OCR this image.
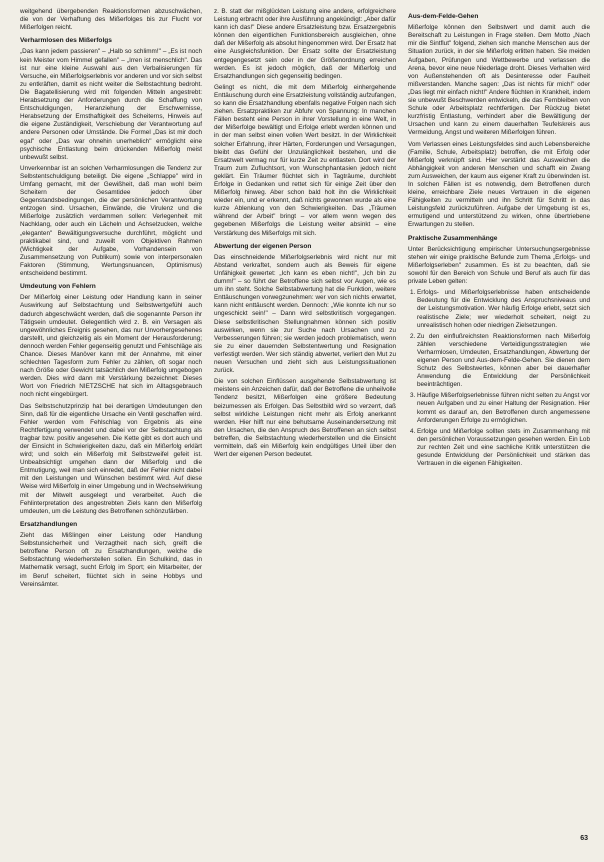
weitgehend übergebenden Reaktionsformen abzuschwächen, die von der Verhaftung des Mißerfolges bis zur Flucht vor Mißerfolgen reicht.

Verharmlosen des Mißerfolgs

„Das kann jedem passieren" – „Halb so schlimm!" – „Es ist noch kein Meister vom Himmel gefallen" – „Irren ist menschlich". Das ist nur eine kleine Auswahl aus den Verbalisierungen für Versuche, ein Mißerfolgserlebnis vor anderen und vor sich selbst zu entkräften, damit es nicht weiter die Selbstachtung bedroht. Die Bagatellisierung wird mit folgenden Mitteln angestrebt: Herabsetzung der Anforderungen durch die Schaffung von Entschuldigungen, Heranziehung der Erschwernisse, Herabsetzung der Ernsthaftigkeit des Scheiterns, Hinweis auf die eigene Zuständigkeit, Verschiebung der Verantwortung auf andere Personen oder Umstände. Die Formel „Das ist mir doch egal" oder „Das war ohnehin unerheblich" ermöglicht eine psychische Entlastung beim drückenden Mißerfolg meist unbewußt selbst.

Unverkennbar ist an solchen Verharmlosungen die Tendenz zur Selbstentschuldigung beteiligt. Die eigene „Schlappe" wird in Umfang gemacht, mit der Gewißheit, daß man wohl beim Scheitern der Gesamtidee jedoch über Gegenstandsbedingungen, die der persönlichen Verantwortung entzogen sind. Ursachen, Einwände, die Virulenz und die Mißerfolge zusätzlich verdammen sollen: Verlegenheit mit Nachklang, oder auch ein Lächeln und Achselzucken, welche „eleganten" Bewältigungsversuche durchführt, möglicht und praktikabel sind, und zuweilt vom Objektiven Rahmen (Wichtigkeit der Aufgabe, Vorhandensein von Zusammensetzung von Publikum) sowie von interpersonalen Faktoren (Stimmung, Wertungsnuancen, Optimismus) entscheidend bestimmt.

Umdeutung von Fehlern

Der Mißerfolg einer Leistung oder Handlung kann in seiner Auswirkung auf Selbstachtung und Selbstwertgefühl auch dadurch abgeschwächt werden, daß die sogenannte Person ihr Tätigsein umdeutet. Gelegentlich wird z. B. ein Versagen als ungewöhnliches Ereignis gesehen, das nur Unvorhergesehenes darstellt, und gleichzeitig als ein Moment der Herausforderung; dennoch werden Fehler gegenseitig genutzt und Fehlschläge als Chance. Dieses Manöver kann mit der Annahme, mit einer schlechten Tagesform zum Fehler zu zählen, oft sogar noch nach Größe oder Gewicht tatsächlich den Mißerfolg umgebogen werden. Dies wird dann mit Verstärkung bezeichnet: Dieses Wort von Friedrich NIETZSCHE hat sich im Alltagsgebrauch noch nicht eingebürgert.

Das Selbstschutzprinzip hat bei derartigen Umdeutungen den Sinn, daß für die eigentliche Ursache ein Ventil geschaffen wird. Fehler werden vom Fehlschlag von Ergebnis als eine Rechtfertigung verwendet und dabei vor der Selbstachtung als tragbar bzw. positiv angesehen. Die Kette gibt es dort auch und der Einsicht in Schwierigkeiten dazu, daß ein Mißerfolg erklärt wird; und solch ein Mißerfolg mit Selbstzweifel gefeit ist. Unbeabsichtigt umgehen dann der Mißerfolg und die Entmutigung, weil man sich einredet, daß der Fehler nicht dabei mit den Leistungen und Wünschen bestimmt wird. Auf diese Weise wird Mißerfolg in einer Umgebung und in Wechselwirkung mit der Mitwelt ausgelegt und verarbeitet. Auch die Fehlinterpretation des angestrebten Ziels kann den Mißerfolg umdeuten, um die Leistung des Betroffenen schönzufärben.

Ersatzhandlungen

Zieht das Mißlingen einer Leistung oder Handlung Selbstunsicherheit und Verzagtheit nach sich, greift die betroffene Person oft zu Ersatzhandlungen, welche die Selbstachtung wiederherstellen sollen. Ein Schulkind, das in Mathematik versagt, sucht Erfolg im Sport; ein Mitarbeiter, der im Beruf scheitert, flüchtet sich in seine Hobbys und Vereinsämter.

z. B. statt der mißglückten Leistung eine andere, erfolgreichere Leistung erbracht oder ihre Ausführung angekündigt: „Aber dafür kann ich das!" Diese andere Ersatzleistung bzw. Ersatzergebnis können den eigentlichen Funktionsbereich ausgleichen, ohne daß der Mißerfolg als absolut hingenommen wird. Der Ersatz hat eine Ausgleichsfunktion. Der Ersatz sollte der Ersatzleistung entgegengesetzt sein oder in der Größenordnung erreichen werden. Es ist jedoch möglich, daß der Mißerfolg und Ersatzhandlungen sich gegenseitig bedingen.

Gelingt es nicht, die mit dem Mißerfolg einhergehende Enttäuschung durch eine Ersatzleistung vollständig aufzufangen, so kann die Ersatzhandlung ebenfalls negative Folgen nach sich ziehen. Ersatzpraktiken zur Abfuhr von Spannung: In manchen Fällen besteht eine Person in ihrer Vorstellung in eine Welt, in der Mißerfolge bewältigt und Erfolge erlebt werden können und in der man selbst einen vollen Wert besitzt. In der Wirklichkeit solcher Erfahrung, ihrer Härten, Forderungen und Versagungen, bleibt das Gefühl der Unzulänglichkeit bestehen, und die Ersatzwelt vermag nur für kurze Zeit zu entlasten. Dort wird der Traum zum Zufluchtsort, von Wunschphantasien jedoch nicht geklärt. Ein Träumer flüchtet sich in Tagträume, durchlebt Erfolge in Gedanken und rettet sich für einige Zeit über den Mißerfolg hinweg. Aber schon bald holt ihn die Wirklichkeit wieder ein, und er erkennt, daß nichts gewonnen wurde als eine kurze Ablenkung von den Schwierigkeiten. Das „Träumen während der Arbeit" bringt – vor allem wenn wegen des gegebenen Mißerfolgs die Leistung weiter absinkt – eine Verstärkung des Mißerfolgs mit sich.

Abwertung der eigenen Person

Das einschneidende Mißerfolgserlebnis wird nicht nur mit Abstand verkraftet, sondern auch als Beweis für eigene Unfähigkeit gewertet: „Ich kann es eben nicht!", „Ich bin zu dumm!" – so führt der Betroffene sich selbst vor Augen, wie es um ihn steht. Solche Selbstabwertung hat die Funktion, weitere Enttäuschungen vorwegzunehmen: wer von sich nichts erwartet, kann nicht enttäuscht werden. Dennoch: „Wie konnte ich nur so ungeschickt sein!" – Dann wird selbstkritisch vorgegangen. Diese selbstkritischen Stellungnahmen können sich positiv auswirken, wenn sie zur Suche nach Ursachen und zu Verbesserungen führen; sie werden jedoch problematisch, wenn sie zu einer dauernden Selbstentwertung und Resignation verfestigt werden. Wer sich ständig abwertet, verliert den Mut zu neuen Versuchen und zieht sich aus Leistungssituationen zurück.

Die von solchen Einflüssen ausgehende Selbstabwertung ist meistens ein Anzeichen dafür, daß der Betroffene die unheilvolle Tendenz besitzt, Mißerfolgen eine größere Bedeutung beizumessen als Erfolgen. Das Selbstbild wird so verzerrt, daß selbst wirkliche Leistungen nicht mehr als Erfolg anerkannt werden. Hier hilft nur eine behutsame Auseinandersetzung mit den Ursachen, die den Anspruch des Betroffenen an sich selbst betreffen, die Selbstachtung wiederherstellen und die Einsicht vermitteln, daß ein Mißerfolg kein endgültiges Urteil über den Wert der eigenen Person bedeutet.

Aus-dem-Felde-Gehen

Mißerfolge können den Selbstwert und damit auch die Bereitschaft zu Leistungen in Frage stellen. Dem Motto „Nach mir die Sintflut" folgend, ziehen sich manche Menschen aus der Situation zurück, in der sie Mißerfolg erlitten haben. Sie meiden Aufgaben, Prüfungen und Wettbewerbe und verlassen die Arena, bevor eine neue Niederlage droht. Dieses Verhalten wird von Außenstehenden oft als Desinteresse oder Faulheit mißverstanden. Manche sagen: „Das ist nichts für mich!" oder „Das liegt mir einfach nicht!" Andere flüchten in Krankheit, indem sie unbewußt Beschwerden entwickeln, die das Fernbleiben von Schule oder Arbeitsplatz rechtfertigen. Der Rückzug bietet kurzfristig Entlastung, verhindert aber die Bewältigung der Ursachen und kann zu einem dauerhaften Teufelskreis aus Vermeidung, Angst und weiteren Mißerfolgen führen.

Vom Verlassen eines Leistungsfeldes sind auch Lebensbereiche (Familie, Schule, Arbeitsplatz) betroffen, die mit Erfolg oder Mißerfolg verknüpft sind. Hier verstärkt das Ausweichen die Abhängigkeit von anderen Menschen und schafft ein Zwang zum Ausweichen, der kaum aus eigener Kraft zu überwinden ist. In solchen Fällen ist es notwendig, dem Betroffenen durch kleine, erreichbare Ziele neues Vertrauen in die eigenen Fähigkeiten zu vermitteln und ihn Schritt für Schritt in das Leistungsfeld zurückzuführen. Aufgabe der Umgebung ist es, ermutigend und unterstützend zu wirken, ohne übertriebene Erwartungen zu stellen.

Praktische Zusammenhänge

Unter Berücksichtigung empirischer Untersuchungsergebnisse stehen wir einige praktische Befunde zum Thema „Erfolgs- und Mißerfolgserleben" zusammen. Es ist zu beachten, daß sie sowohl für den Bereich von Schule und Beruf als auch für das private Leben gelten:

1. Erfolgs- und Mißerfolgserlebnisse haben entscheidende Bedeutung für die Entwicklung des Anspruchsniveaus und der Leistungsmotivation. Wer häufig Erfolge erlebt, setzt sich realistische Ziele; wer wiederholt scheitert, neigt zu unrealistisch hohen oder niedrigen Zielsetzungen.
2. Zu den einflußreichsten Reaktionsformen nach Mißerfolg zählen verschiedene Verteidigungsstrategien wie Verharmlosen, Umdeuten, Ersatzhandlungen, Abwertung der eigenen Person und Aus-dem-Felde-Gehen. Sie dienen dem Schutz des Selbstwertes, können aber bei dauerhafter Anwendung die Entwicklung der Persönlichkeit beeinträchtigen.
3. Häufige Mißerfolgserlebnisse führen nicht selten zu Angst vor neuen Aufgaben und zu einer Haltung der Resignation. Hier kommt es darauf an, den Betroffenen durch angemessene Anforderungen Erfolge zu ermöglichen.
4. Erfolge und Mißerfolge sollten stets im Zusammenhang mit den persönlichen Voraussetzungen gesehen werden. Ein Lob zur rechten Zeit und eine sachliche Kritik unterstützen die gesunde Entwicklung der Persönlichkeit und stärken das Vertrauen in die eigenen Fähigkeiten.
63
